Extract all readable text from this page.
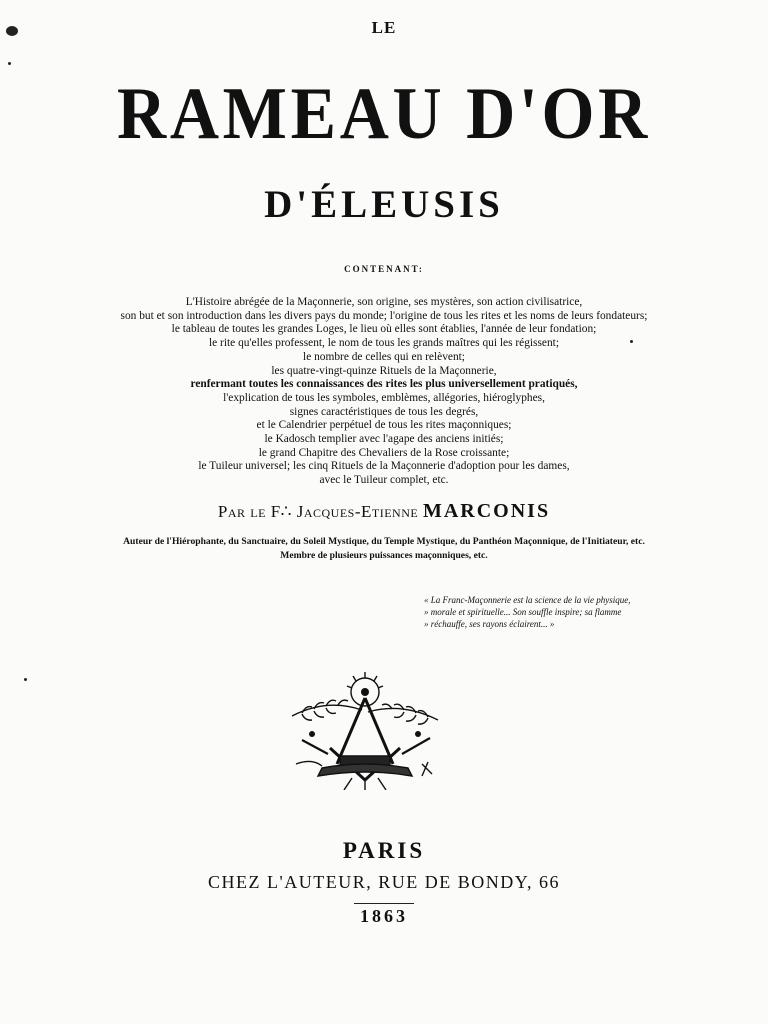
LE
RAMEAU D'OR
D'ÉLEUSIS
CONTENANT:
L'Histoire abrégée de la Maçonnerie, son origine, ses mystères, son action civilisatrice,
son but et son introduction dans les divers pays du monde; l'origine de tous les rites et les noms de leurs fondateurs;
le tableau de toutes les grandes Loges, le lieu où elles sont établies, l'année de leur fondation;
le rite qu'elles professent, le nom de tous les grands maîtres qui les régissent;
le nombre de celles qui en relèvent;
les quatre-vingt-quinze Rituels de la Maçonnerie,
renfermant toutes les connaissances des rites les plus universellement pratiqués,
l'explication de tous les symboles, emblèmes, allégories, hiéroglyphes,
signes caractéristiques de tous les degrés,
et le Calendrier perpétuel de tous les rites maçonniques;
le Kadosch templier avec l'agape des anciens initiés;
le grand Chapitre des Chevaliers de la Rose croissante;
le Tuileur universel; les cinq Rituels de la Maçonnerie d'adoption pour les dames,
avec le Tuileur complet, etc.
Par le F∴ Jacques-Etienne MARCONIS
Auteur de l'Hiérophante, du Sanctuaire, du Soleil Mystique, du Temple Mystique, du Panthéon Maçonnique, de l'Initiateur, etc.
Membre de plusieurs puissances maçonniques, etc.
« La Franc-Maçonnerie est la science de la vie physique,
» morale et spirituelle... Son souffle inspire; sa flamme
» réchauffe, ses rayons éclairent... »
PARIS
CHEZ L'AUTEUR, RUE DE BONDY, 66
1863
